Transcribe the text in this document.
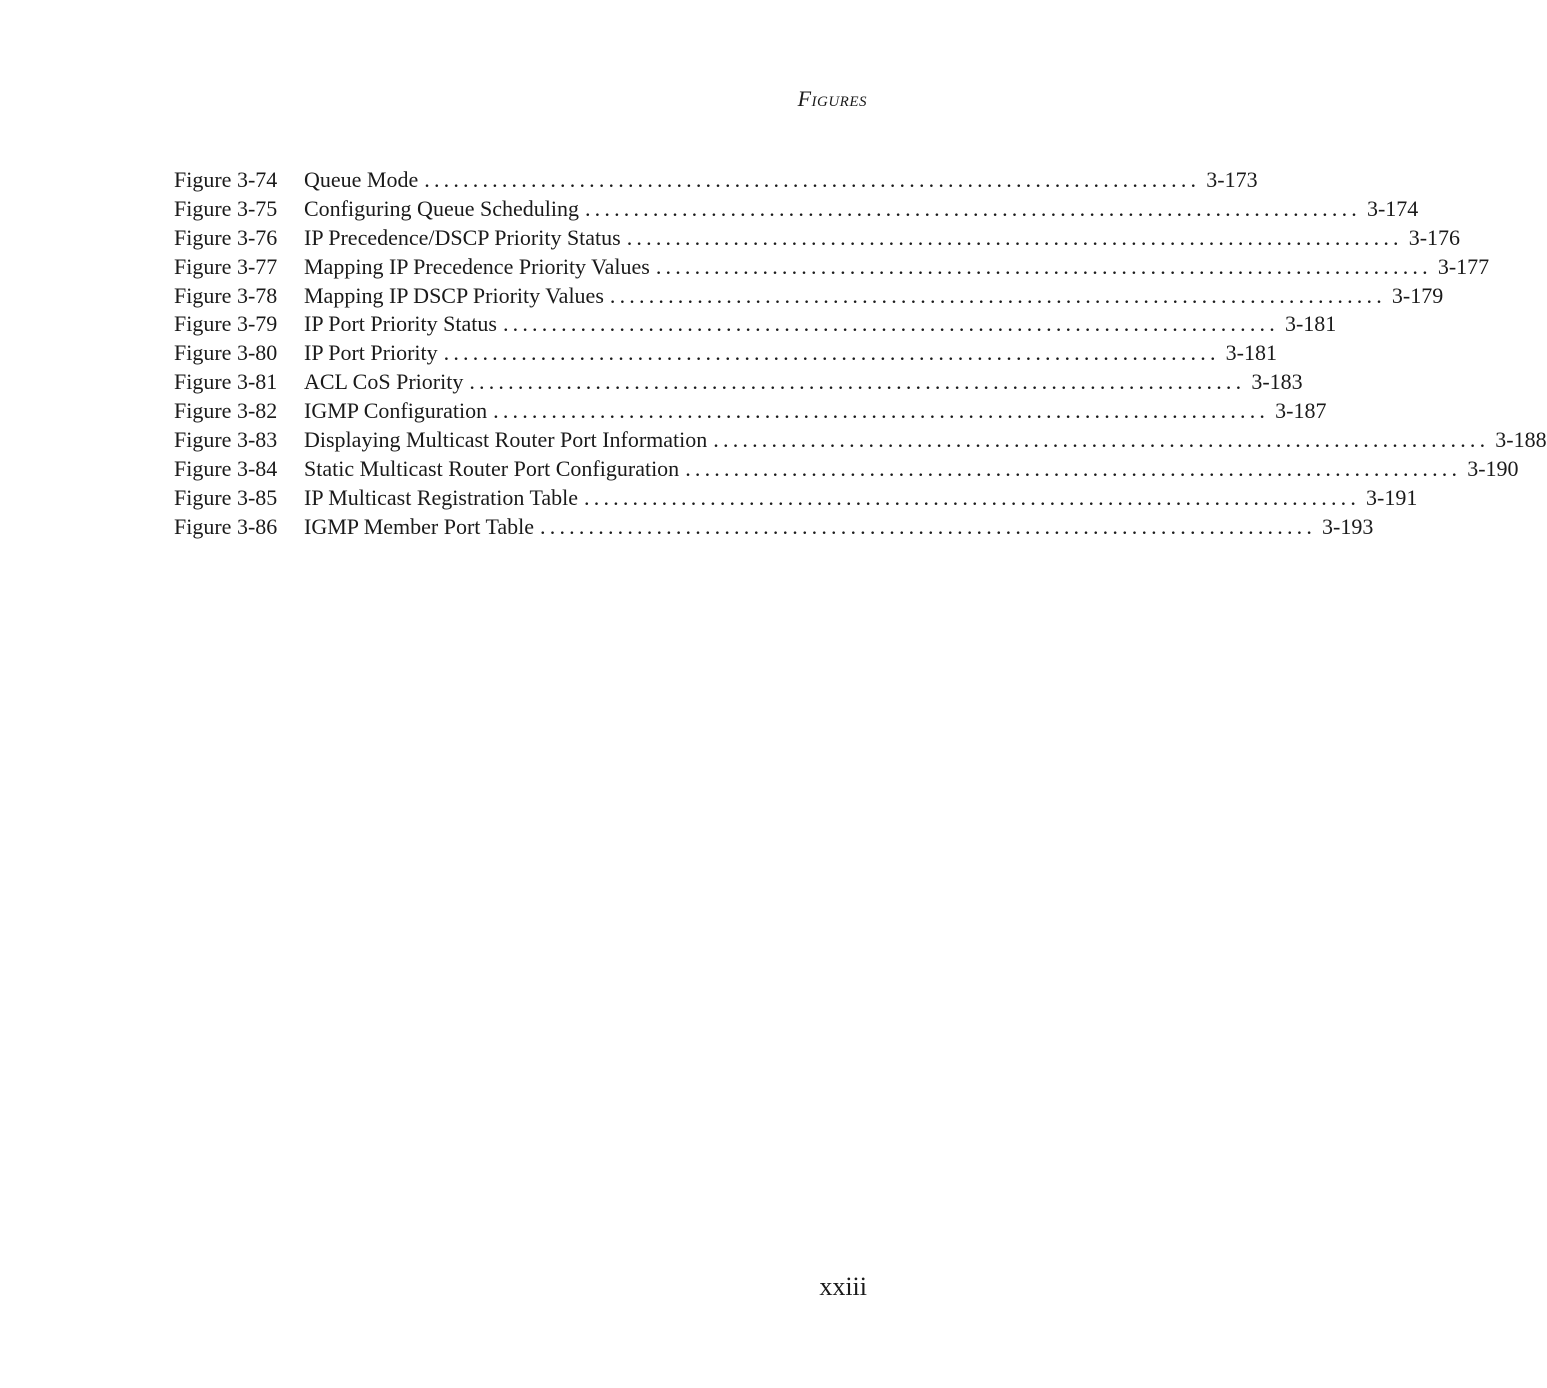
Figures
Figure 3-74	Queue Mode ................................................................................ 3-173
Figure 3-75	Configuring Queue Scheduling ................................................................................ 3-174
Figure 3-76	IP Precedence/DSCP Priority Status ................................................................................ 3-176
Figure 3-77	Mapping IP Precedence Priority Values ................................................................................ 3-177
Figure 3-78	Mapping IP DSCP Priority Values ................................................................................ 3-179
Figure 3-79	IP Port Priority Status ................................................................................ 3-181
Figure 3-80	IP Port Priority ................................................................................ 3-181
Figure 3-81	ACL CoS Priority ................................................................................ 3-183
Figure 3-82	IGMP Configuration ................................................................................ 3-187
Figure 3-83	Displaying Multicast Router Port Information ................................................................................ 3-188
Figure 3-84	Static Multicast Router Port Configuration ................................................................................ 3-190
Figure 3-85	IP Multicast Registration Table ................................................................................ 3-191
Figure 3-86	IGMP Member Port Table ................................................................................ 3-193
xxiii
